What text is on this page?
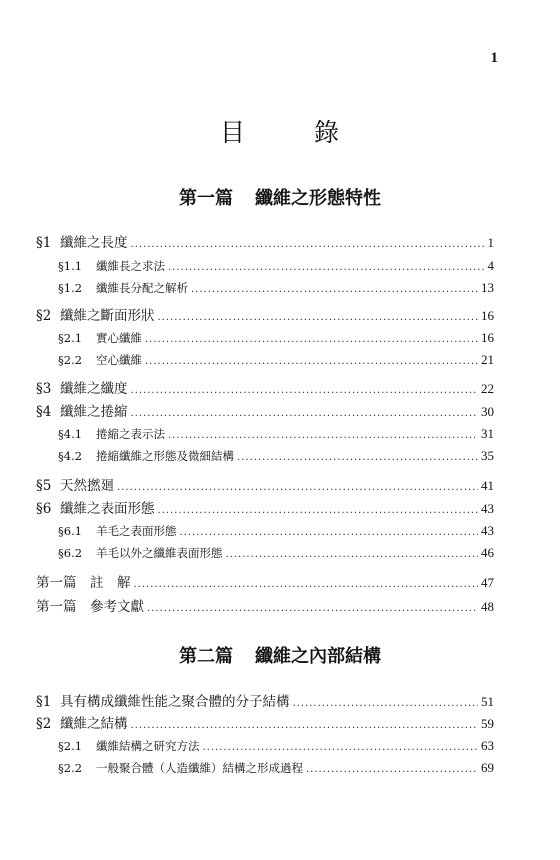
1
目	錄
第一篇 纖維之形態特性
第二篇 纖維之內部結構
§1 纖維之長度 .....	1
§1.1	纖維長之求法 .....	4
§1.2	纖維長分配之解析 .....	13
§2 纖維之斷面形狀 .....	16
§2.1	實心纖維 .....	16
§2.2	空心纖維 .....	21
§3 纖維之纖度 .....	22
§4 纖維之捲縮 .....	30
§4.1	捲縮之表示法 .....	31
§4.2	捲縮纖維之形態及微細結構 .....	35
§5 天然撚廻 .....	41
§6 纖維之表面形態 .....	43
§6.1	羊毛之表面形態 .....	43
§6.2	羊毛以外之纖維表面形態 .....	46
第一篇	註　解 .....	47
第一篇	參考文獻 .....	48
§1 具有構成纖維性能之聚合體的分子結構 .....	51
§2 纖維之結構 .....	59
§2.1	纖維結構之研究方法 .....	63
§2.2	一般聚合體（人造纖維）結構之形成過程 .....	69
